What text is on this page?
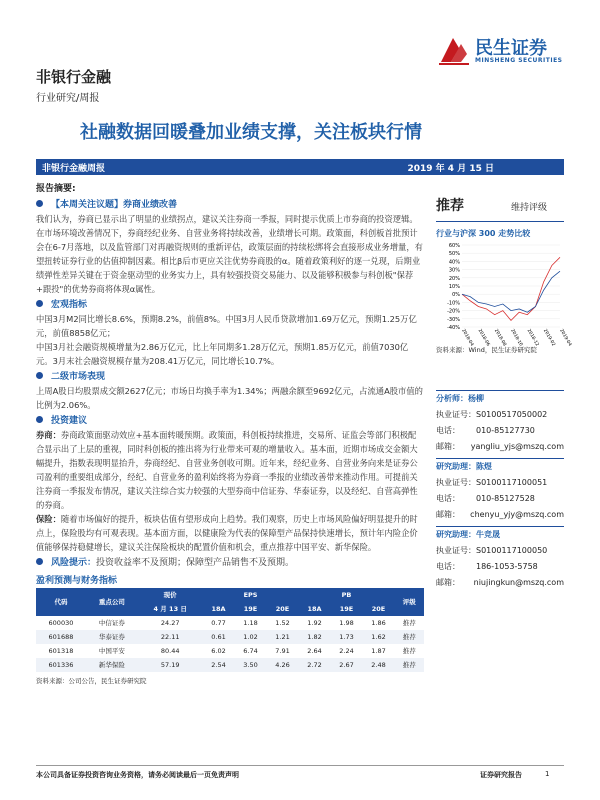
民生证券
MINSHENG SECURITIES
非银行金融
行业研究/周报
社融数据回暖叠加业绩支撑，关注板块行情
非银行金融周报	2019 年 4 月 15 日
报告摘要:
【本周关注议题】券商业绩改善
我们认为，券商已显示出了明显的业绩拐点，建议关注券商一季报，同时提示优质上市券商的投资逻辑。在市场环境改善情况下，券商经纪业务、自营业务将持续改善，业绩增长可期。政策面，科创板首批预计会在6-7月落地，以及监管部门对再融资规则的重新评估，政策层面的持续松绑将会直接形成业务增量，有望扭转证券行业的估值抑制因素。相比β后市更应关注优势券商股的α。随着政策利好的逐一兑现，后期业绩弹性差异关键在于资金驱动型的业务实力上，具有较强投资交易能力、以及能够积极参与科创板"保荐+跟投"的优势券商将体现α属性。
宏观指标
中国3月M2同比增长8.6%，预期8.2%，前值8%。中国3月人民币贷款增加1.69万亿元，预期1.25万亿元，前值8858亿元；
中国3月社会融资规模增量为2.86万亿元，比上年同期多1.28万亿元，预期1.85万亿元，前值7030亿元。3月末社会融资规模存量为208.41万亿元，同比增长10.7%。
二级市场表现
上周A股日均股票成交额2627亿元；市场日均换手率为1.34%；两融余额至9692亿元，占流通A股市值的比例为2.06%。
投资建议
券商：券商政策面驱动效应+基本面转暖预期。政策面，科创板持续推进，交易所、证监会等部门积极配合显示出了上层的重视，同时科创板的推出将为行业带来可观的增量收入。基本面，近期市场成交金额大幅提升，指数表现明显抬升，券商经纪、自营业务创收可期。近年来，经纪业务、自营业务向来是证券公司盈利的重要组成部分，经纪、自营业务的盈利始终将为券商一季报的业绩改善带来推动作用。可提前关注券商一季报发布情况，建议关注综合实力较强的大型券商中信证券、华泰证券，以及经纪、自营高弹性的券商。
保险：随着市场偏好的提升，板块估值有望形成向上趋势。我们观察，历史上市场风险偏好明显提升的时点上，保险股均有可观表现。基本面方面，以健康险为代表的保障型产品保持快速增长，预计年内险企价值能够保持稳健增长，建议关注保险板块的配置价值和机会，重点推荐中国平安、新华保险。
风险提示：投资收益率不及预期；保障型产品销售不及预期。
盈利预测与财务指标
代码	重点公司	现价	EPS			PB			评级
		4 月 13 日	18A	19E	20E	18A	19E	20E	
600030	中信证券	24.27	0.77	1.18	1.52	1.92	1.98	1.86	推荐
601688	华泰证券	22.11	0.61	1.02	1.21	1.82	1.73	1.62	推荐
601318	中国平安	80.44	6.02	6.74	7.91	2.64	2.24	1.87	推荐
601336	新华保险	57.19	2.54	3.50	4.26	2.72	2.67	2.48	推荐
资料来源：公司公告，民生证券研究院
推荐	维持评级
行业与沪深 300 走势比较
60%
50%
40%
30%
20%
10%
0%
-10%
-20%
-30%
-40%
2018-04 2018-06 2018-08 2018-10 2018-12 2019-02 2019-04
资料来源：Wind，民生证券研究院
分析师：杨柳
执业证号： S0100517050002
电话：	010-85127730
邮箱：	yangliu_yjs@mszq.com
研究助理：陈煜
执业证号： S0100117100051
电话：	010-85127528
邮箱：	chenyu_yjy@mszq.com
研究助理：牛竞晟
执业证号： S0100117100050
电话：	186-1053-5758
邮箱：	niujingkun@mszq.com
本公司具备证券投资咨询业务资格，请务必阅读最后一页免责声明	证券研究报告	1
